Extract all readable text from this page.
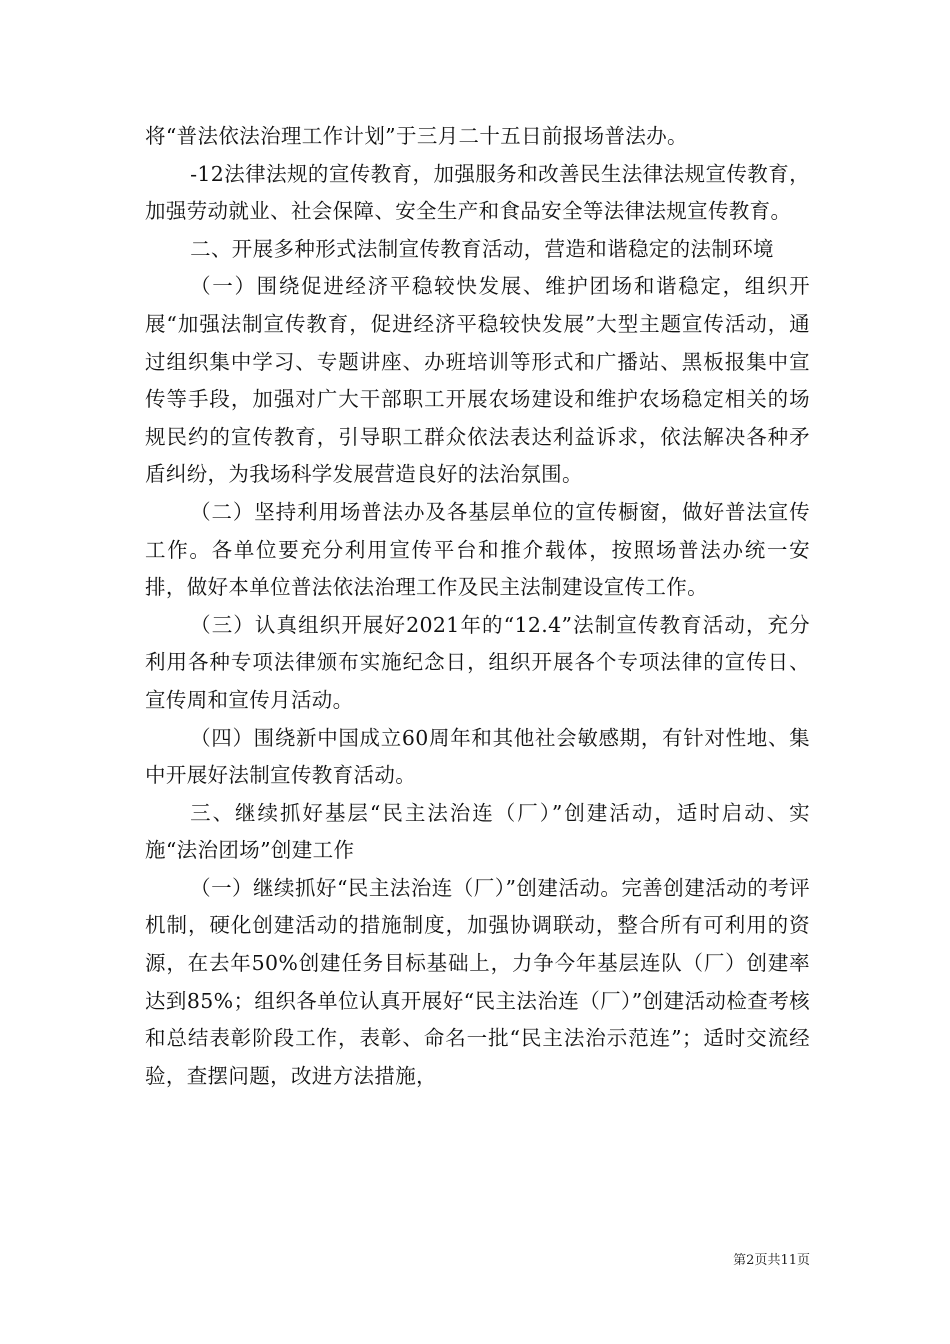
将“普法依法治理工作计划”于三月二十五日前报场普法办。

-12法律法规的宣传教育，加强服务和改善民生法律法规宣传教育，加强劳动就业、社会保障、安全生产和食品安全等法律法规宣传教育。

二、开展多种形式法制宣传教育活动，营造和谐稳定的法制环境

（一）围绕促进经济平稳较快发展、维护团场和谐稳定，组织开展“加强法制宣传教育，促进经济平稳较快发展”大型主题宣传活动，通过组织集中学习、专题讲座、办班培训等形式和广播站、黑板报集中宣传等手段，加强对广大干部职工开展农场建设和维护农场稳定相关的场规民约的宣传教育，引导职工群众依法表达利益诉求，依法解决各种矛盾纠纷，为我场科学发展营造良好的法治氛围。

（二）坚持利用场普法办及各基层单位的宣传橱窗，做好普法宣传工作。各单位要充分利用宣传平台和推介载体，按照场普法办统一安排，做好本单位普法依法治理工作及民主法制建设宣传工作。

（三）认真组织开展好2021年的“12.4”法制宣传教育活动，充分利用各种专项法律颁布实施纪念日，组织开展各个专项法律的宣传日、宣传周和宣传月活动。

（四）围绕新中国成立60周年和其他社会敏感期，有针对性地、集中开展好法制宣传教育活动。

三、继续抓好基层“民主法治连（厂）”创建活动，适时启动、实施“法治团场”创建工作

（一）继续抓好“民主法治连（厂）”创建活动。完善创建活动的考评机制，硬化创建活动的措施制度，加强协调联动，整合所有可利用的资源，在去年50%创建任务目标基础上，力争今年基层连队（厂）创建率达到85%；组织各单位认真开展好“民主法治连（厂）”创建活动检查考核和总结表彰阶段工作，表彰、命名一批“民主法治示范连”；适时交流经验，查摆问题，改进方法措施，

第2页共11页
